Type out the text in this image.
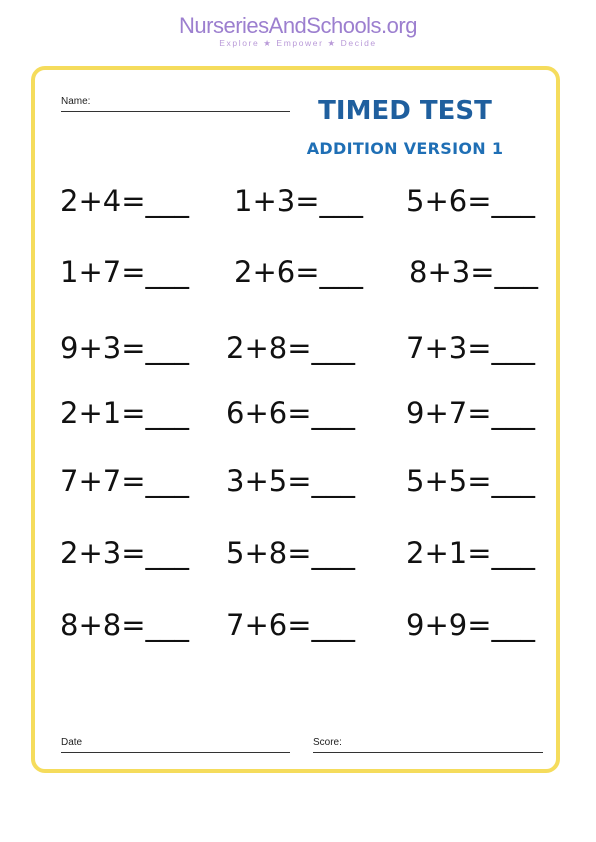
NurseriesAndSchools.org
Explore ★ Empower ★ Decide
Name:	TIMED TEST
ADDITION VERSION 1
2+4=___ 1+3=___ 5+6=___
1+7=___ 2+6=___ 8+3=___
9+3=___ 2+8=___ 7+3=___
2+1=___ 6+6=___ 9+7=___
7+7=___ 3+5=___ 5+5=___
2+3=___ 5+8=___ 2+1=___
8+8=___ 7+6=___ 9+9=___
Date	Score:
